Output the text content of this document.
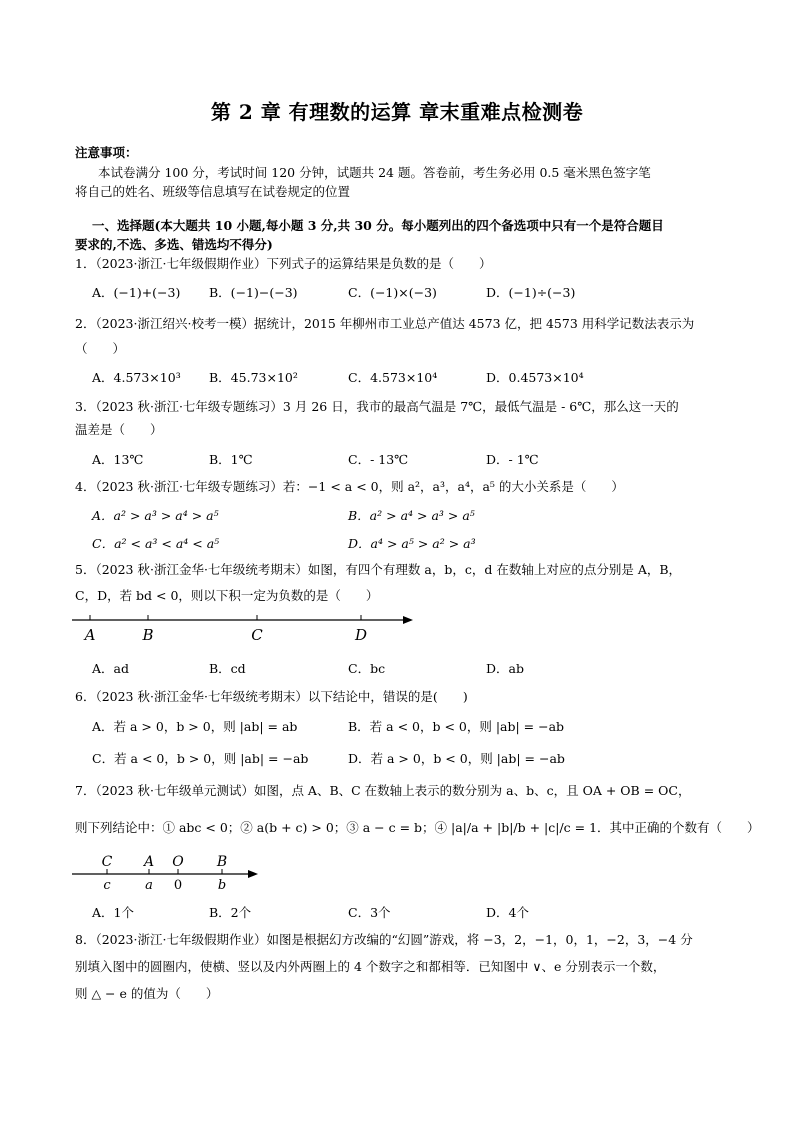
第 2 章 有理数的运算 章末重难点检测卷
注意事项：
本试卷满分 100 分，考试时间 120 分钟，试题共 24 题。答卷前，考生务必用 0.5 毫米黑色签字笔
将自己的姓名、班级等信息填写在试卷规定的位置
一、选择题(本大题共 10 小题,每小题 3 分,共 30 分。每小题列出的四个备选项中只有一个是符合题目
要求的,不选、多选、错选均不得分)
1．（2023·浙江·七年级假期作业）下列式子的运算结果是负数的是（　　）
A．(−1)+(−3) B．(−1)−(−3)	C．(−1)×(−3)	D．(−1)÷(−3)
2．（2023·浙江绍兴·校考一模）据统计，2015 年柳州市工业总产值达 4573 亿，把 4573 用科学记数法表示为
（　　）
A．4.573×10³ B．45.73×10²	C．4.573×10⁴	D．0.4573×10⁴
3．（2023 秋·浙江·七年级专题练习）3 月 26 日，我市的最高气温是 7℃，最低气温是 - 6℃，那么这一天的
温差是（　　）
A．13℃	B．1℃	C．- 13℃	D．- 1℃
4．（2023 秋·浙江·七年级专题练习）若：−1 < a < 0，则 a²，a³，a⁴，a⁵ 的大小关系是（　　）
A．a² > a³ > a⁴ > a⁵	B．a² > a⁴ > a³ > a⁵
C．a² < a³ < a⁴ < a⁵	D．a⁴ > a⁵ > a² > a³
5．（2023 秋·浙江金华·七年级统考期末）如图，有四个有理数 a，b，c，d 在数轴上对应的点分别是 A，B，
C，D，若 bd < 0，则以下积一定为负数的是（　　）
A	B	C	D
A．ad	B．cd	C．bc	D．ab
6．（2023 秋·浙江金华·七年级统考期末）以下结论中，错误的是(　　)
A．若 a > 0，b > 0，则 |ab| = ab	B．若 a < 0，b < 0，则 |ab| = −ab
C．若 a < 0，b > 0，则 |ab| = −ab	D．若 a > 0，b < 0，则 |ab| = −ab
7．（2023 秋·七年级单元测试）如图，点 A、B、C 在数轴上表示的数分别为 a、b、c，且 OA + OB = OC，
则下列结论中：① abc < 0；② a(b + c) > 0；③ a − c = b；④ |a|/a + |b|/b + |c|/c = 1．其中正确的个数有（　　）
C A O B
c	a 0	b
A．1个	B．2个	C．3个	D．4个
8．（2023·浙江·七年级假期作业）如图是根据幻方改编的“幻圆”游戏，将 −3，2，−1，0，1，−2，3，−4 分
别填入图中的圆圈内，使横、竖以及内外两圈上的 4 个数字之和都相等．已知图中 ∨、e 分别表示一个数，
则 △ − e 的值为（　　）
